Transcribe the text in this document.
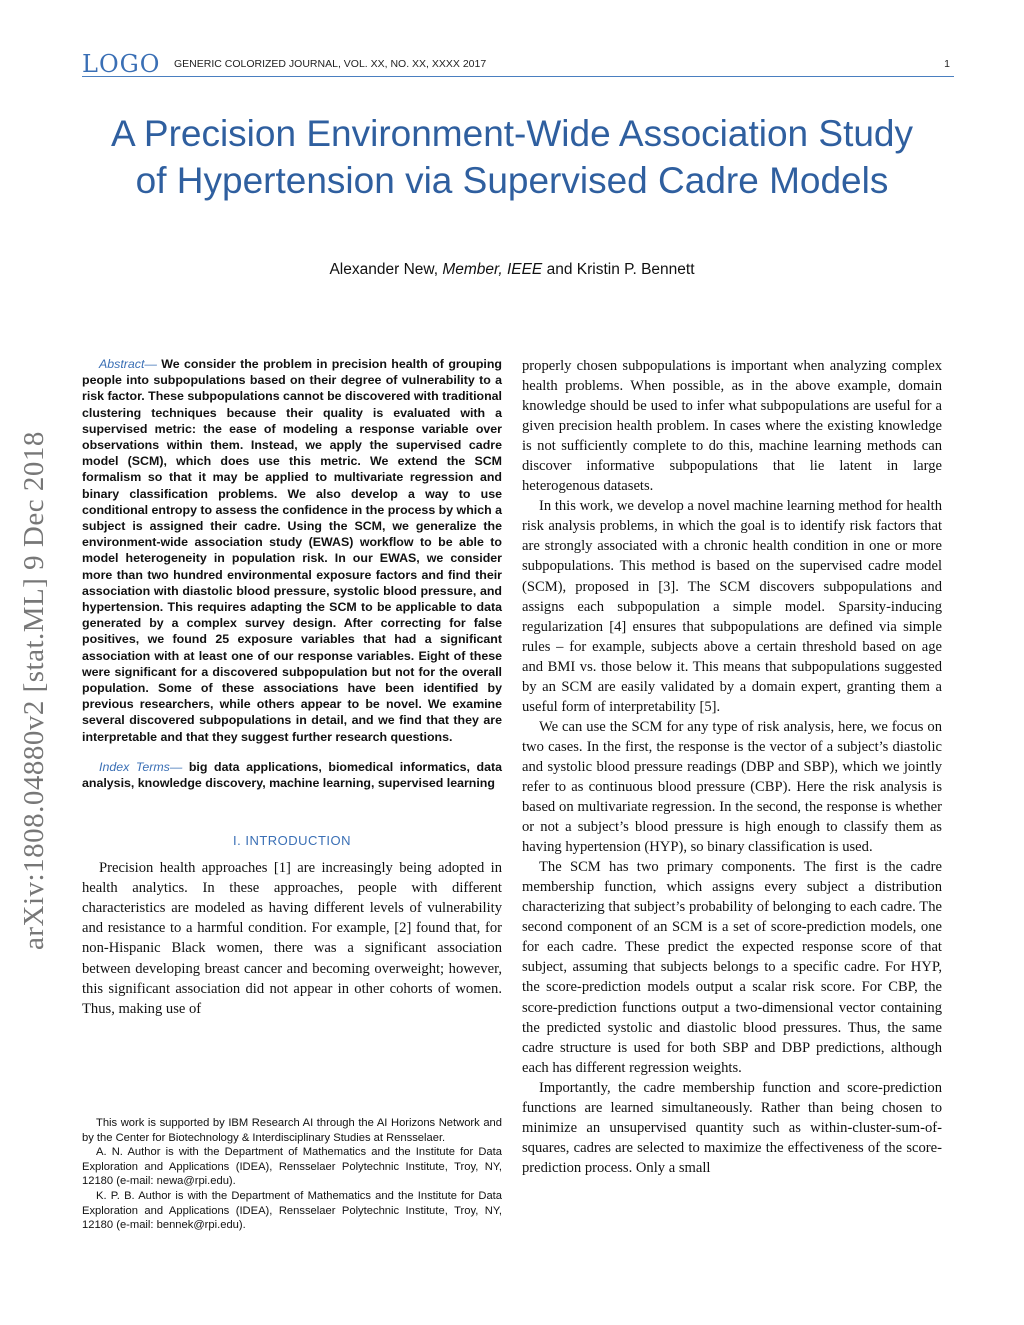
LOGO GENERIC COLORIZED JOURNAL, VOL. XX, NO. XX, XXXX 2017	1
A Precision Environment-Wide Association Study of Hypertension via Supervised Cadre Models
Alexander New, Member, IEEE and Kristin P. Bennett
arXiv:1808.04880v2 [stat.ML] 9 Dec 2018

Abstract— We consider the problem in precision health of grouping people into subpopulations based on their degree of vulnerability to a risk factor. These subpopulations cannot be discovered with traditional clustering techniques because their quality is evaluated with a supervised metric: the ease of modeling a response variable over observations within them. Instead, we apply the supervised cadre model (SCM), which does use this metric. We extend the SCM formalism so that it may be applied to multivariate regression and binary classification problems. We also develop a way to use conditional entropy to assess the confidence in the process by which a subject is assigned their cadre. Using the SCM, we generalize the environment-wide association study (EWAS) workflow to be able to model heterogeneity in population risk. In our EWAS, we consider more than two hundred environmental exposure factors and find their association with diastolic blood pressure, systolic blood pressure, and hypertension. This requires adapting the SCM to be applicable to data generated by a complex survey design. After correcting for false positives, we found 25 exposure variables that had a significant association with at least one of our response variables. Eight of these were significant for a discovered subpopulation but not for the overall population. Some of these associations have been identified by previous researchers, while others appear to be novel. We examine several discovered subpopulations in detail, and we find that they are interpretable and that they suggest further research questions.

Index Terms— big data applications, biomedical informatics, data analysis, knowledge discovery, machine learning, supervised learning

I. INTRODUCTION

Precision health approaches [1] are increasingly being adopted in health analytics. In these approaches, people with different characteristics are modeled as having different levels of vulnerability and resistance to a harmful condition. For example, [2] found that, for non-Hispanic Black women, there was a significant association between developing breast cancer and becoming overweight; however, this significant association did not appear in other cohorts of women. Thus, making use of

This work is supported by IBM Research AI through the AI Horizons Network and by the Center for Biotechnology & Interdisciplinary Studies at Rensselaer.

A. N. Author is with the Department of Mathematics and the Institute for Data Exploration and Applications (IDEA), Rensselaer Polytechnic Institute, Troy, NY, 12180 (e-mail: newa@rpi.edu).

K. P. B. Author is with the Department of Mathematics and the Institute for Data Exploration and Applications (IDEA), Rensselaer Polytechnic Institute, Troy, NY, 12180 (e-mail: bennek@rpi.edu).

properly chosen subpopulations is important when analyzing complex health problems. When possible, as in the above example, domain knowledge should be used to infer what subpopulations are useful for a given precision health problem. In cases where the existing knowledge is not sufficiently complete to do this, machine learning methods can discover informative subpopulations that lie latent in large heterogenous datasets.

In this work, we develop a novel machine learning method for health risk analysis problems, in which the goal is to identify risk factors that are strongly associated with a chronic health condition in one or more subpopulations. This method is based on the supervised cadre model (SCM), proposed in [3]. The SCM discovers subpopulations and assigns each subpopulation a simple model. Sparsity-inducing regularization [4] ensures that subpopulations are defined via simple rules – for example, subjects above a certain threshold based on age and BMI vs. those below it. This means that subpopulations suggested by an SCM are easily validated by a domain expert, granting them a useful form of interpretability [5].

We can use the SCM for any type of risk analysis, here, we focus on two cases. In the first, the response is the vector of a subject’s diastolic and systolic blood pressure readings (DBP and SBP), which we jointly refer to as continuous blood pressure (CBP). Here the risk analysis is based on multivariate regression. In the second, the response is whether or not a subject’s blood pressure is high enough to classify them as having hypertension (HYP), so binary classification is used.

The SCM has two primary components. The first is the cadre membership function, which assigns every subject a distribution characterizing that subject’s probability of belonging to each cadre. The second component of an SCM is a set of score-prediction models, one for each cadre. These predict the expected response score of that subject, assuming that subjects belongs to a specific cadre. For HYP, the score-prediction models output a scalar risk score. For CBP, the score-prediction functions output a two-dimensional vector containing the predicted systolic and diastolic blood pressures. Thus, the same cadre structure is used for both SBP and DBP predictions, although each has different regression weights.

Importantly, the cadre membership function and score-prediction functions are learned simultaneously. Rather than being chosen to minimize an unsupervised quantity such as within-cluster-sum-of-squares, cadres are selected to maximize the effectiveness of the score-prediction process. Only a small
